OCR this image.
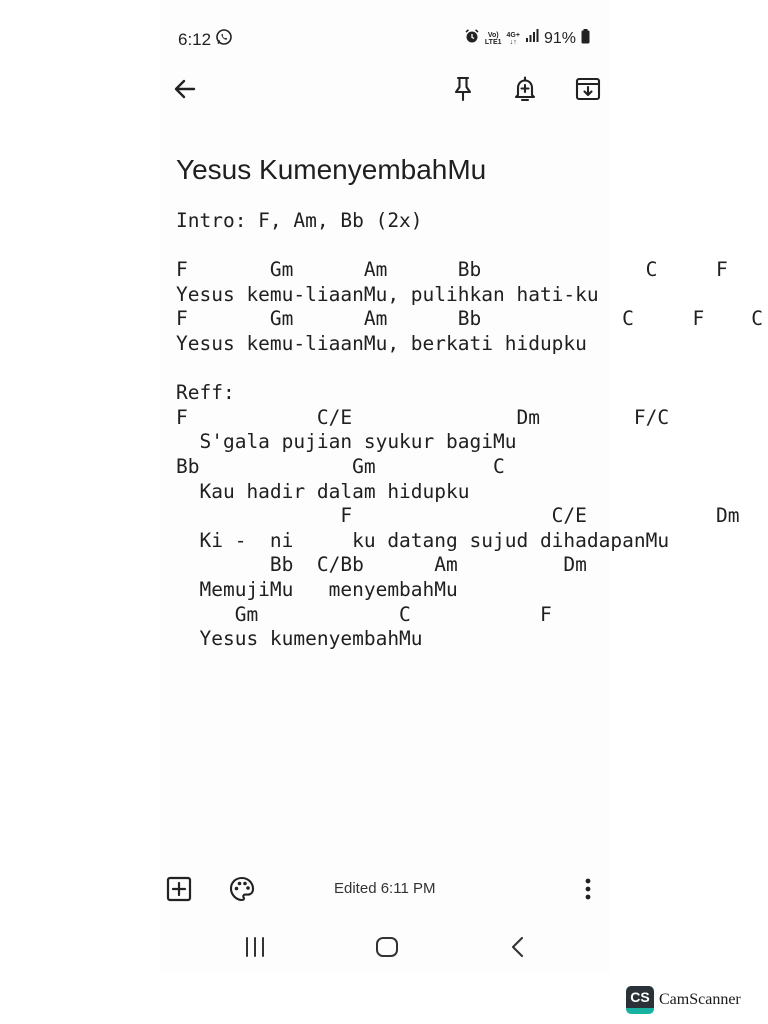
6:12	Vo)
LTE1
4G+
↓↑ 91%
Yesus KumenyembahMu
Intro: F, Am, Bb (2x)

F       Gm      Am      Bb              C     F
Yesus kemu-liaanMu, pulihkan hati-ku
F       Gm      Am      Bb            C     F    C
Yesus kemu-liaanMu, berkati hidupku

Reff:
F           C/E              Dm        F/C
S'gala pujian syukur bagiMu
Bb             Gm          C
Kau hadir dalam hidupku
F                 C/E           Dm
Ki -  ni     ku datang sujud dihadapanMu
Bb  C/Bb      Am         Dm
MemujiMu   menyembahMu
Gm            C           F
Yesus kumenyembahMu
Edited 6:11 PM
CS CamScanner
